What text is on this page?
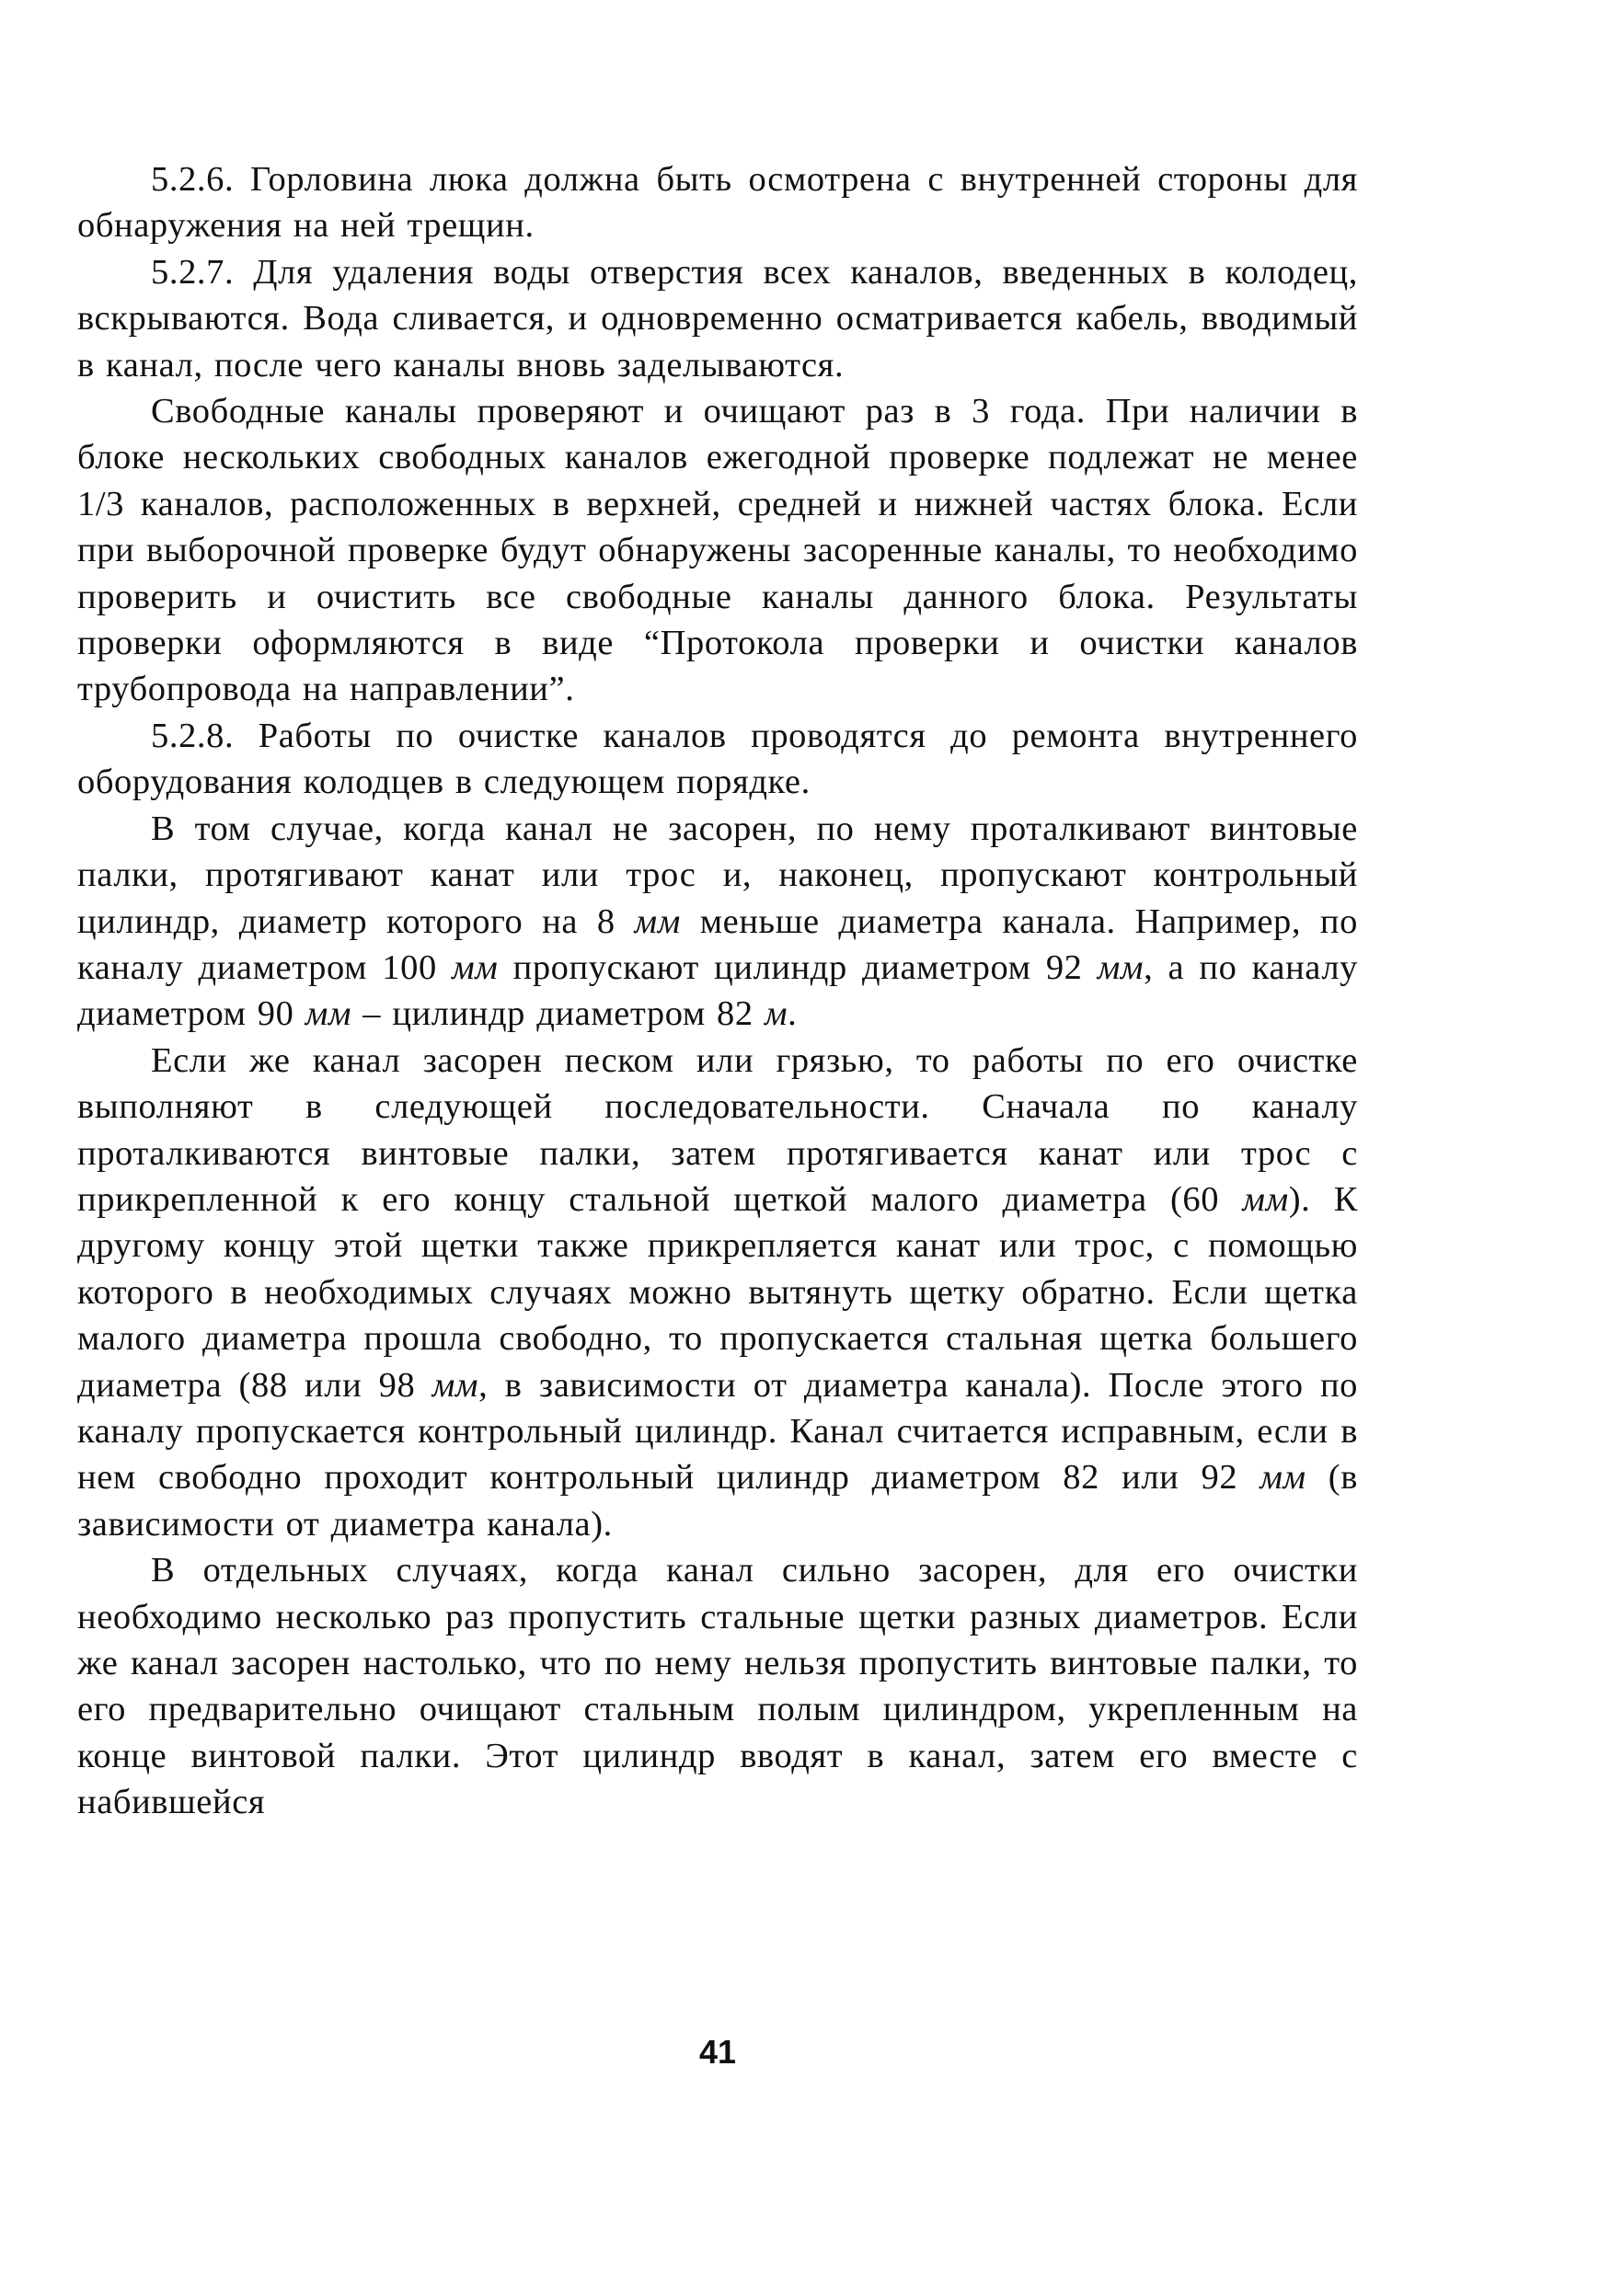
5.2.6. Горловина люка должна быть осмотрена с внутренней стороны для обнаружения на ней трещин.

5.2.7. Для удаления воды отверстия всех каналов, введенных в колодец, вскрываются. Вода сливается, и одновременно осматривается кабель, вводимый в канал, после чего каналы вновь заделываются.

Свободные каналы проверяют и очищают раз в 3 года. При наличии в блоке нескольких свободных каналов ежегодной проверке подлежат не менее 1/3 каналов, расположенных в верхней, средней и нижней частях блока. Если при выборочной проверке будут обнаружены засоренные каналы, то необходимо проверить и очистить все свободные каналы данного блока. Результаты проверки оформляются в виде “Протокола проверки и очистки каналов трубопровода на направлении”.

5.2.8. Работы по очистке каналов проводятся до ремонта внутреннего оборудования колодцев в следующем порядке.

В том случае, когда канал не засорен, по нему проталкивают винтовые палки, протягивают канат или трос и, наконец, пропускают контрольный цилиндр, диаметр которого на 8 мм меньше диаметра канала. Например, по каналу диаметром 100 мм пропускают цилиндр диаметром 92 мм, а по каналу диаметром 90 мм – цилиндр диаметром 82 м.

Если же канал засорен песком или грязью, то работы по его очистке выполняют в следующей последовательности. Сначала по каналу проталкиваются винтовые палки, затем протягивается канат или трос с прикрепленной к его концу стальной щеткой малого диаметра (60 мм). К другому концу этой щетки также прикрепляется канат или трос, с помощью которого в необходимых случаях можно вытянуть щетку обратно. Если щетка малого диаметра прошла свободно, то пропускается стальная щетка большего диаметра (88 или 98 мм, в зависимости от диаметра канала). После этого по каналу пропускается контрольный цилиндр. Канал считается исправным, если в нем свободно проходит контрольный цилиндр диаметром 82 или 92 мм (в зависимости от диаметра канала).

В отдельных случаях, когда канал сильно засорен, для его очистки необходимо несколько раз пропустить стальные щетки разных диаметров. Если же канал засорен настолько, что по нему нельзя пропустить винтовые палки, то его предварительно очищают стальным полым цилиндром, укрепленным на конце винтовой палки. Этот цилиндр вводят в канал, затем его вместе с набившейся

41
